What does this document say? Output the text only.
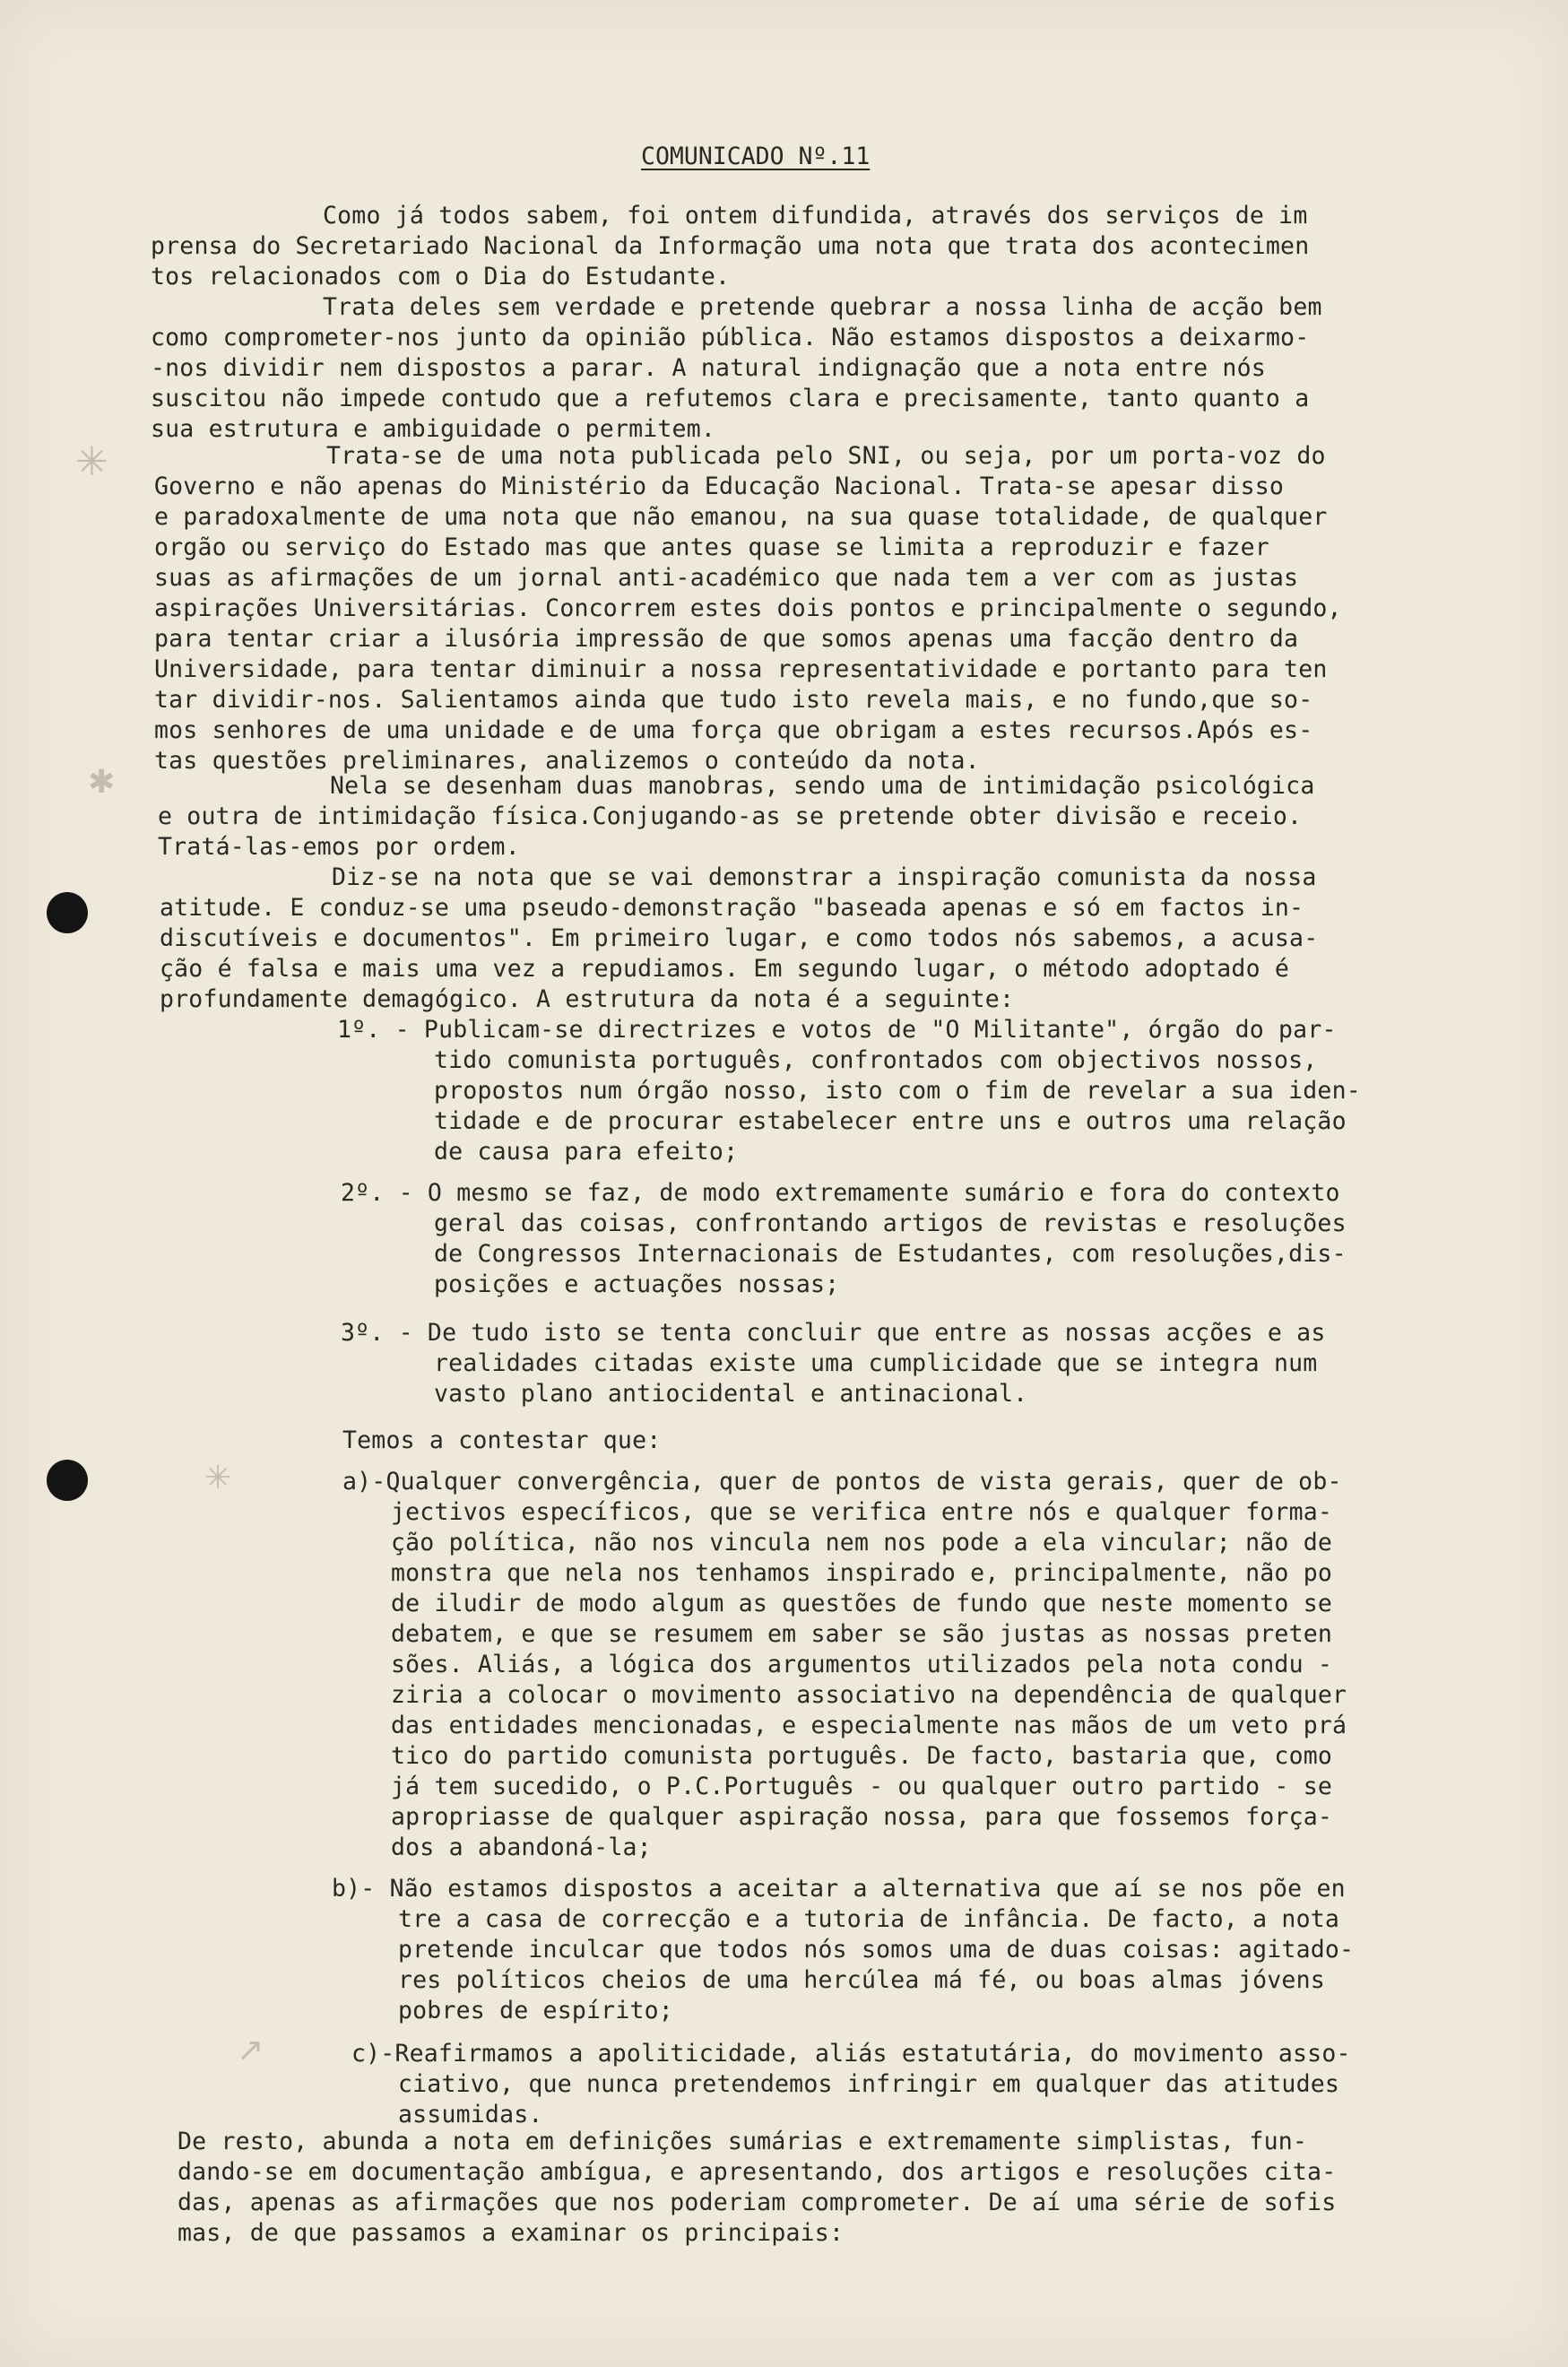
✳
✱
✳
↗
COMUNICADO Nº.11
Como já todos sabem, foi ontem difundida, através dos serviços de im
prensa do Secretariado Nacional da Informação uma nota que trata dos acontecimen
tos relacionados com o Dia do Estudante.
Trata deles sem verdade e pretende quebrar a nossa linha de acção bem
como comprometer-nos junto da opinião pública. Não estamos dispostos a deixarmo-
-nos dividir nem dispostos a parar. A natural indignação que a nota entre nós
suscitou não impede contudo que a refutemos clara e precisamente, tanto quanto a
sua estrutura e ambiguidade o permitem.
Trata-se de uma nota publicada pelo SNI, ou seja, por um porta-voz do
Governo e não apenas do Ministério da Educação Nacional. Trata-se apesar disso
e paradoxalmente de uma nota que não emanou, na sua quase totalidade, de qualquer
orgão ou serviço do Estado mas que antes quase se limita a reproduzir e fazer
suas as afirmações de um jornal anti-académico que nada tem a ver com as justas
aspirações Universitárias. Concorrem estes dois pontos e principalmente o segundo,
para tentar criar a ilusória impressão de que somos apenas uma facção dentro da
Universidade, para tentar diminuir a nossa representatividade e portanto para ten
tar dividir-nos. Salientamos ainda que tudo isto revela mais, e no fundo,que so-
mos senhores de uma unidade e de uma força que obrigam a estes recursos.Após es-
tas questões preliminares, analizemos o conteúdo da nota.
Nela se desenham duas manobras, sendo uma de intimidação psicológica
e outra de intimidação física.Conjugando-as se pretende obter divisão e receio.
Tratá-las-emos por ordem.
Diz-se na nota que se vai demonstrar a inspiração comunista da nossa
atitude. E conduz-se uma pseudo-demonstração "baseada apenas e só em factos in-
discutíveis e documentos". Em primeiro lugar, e como todos nós sabemos, a acusa-
ção é falsa e mais uma vez a repudiamos. Em segundo lugar, o método adoptado é
profundamente demagógico. A estrutura da nota é a seguinte:
1º. - Publicam-se directrizes e votos de "O Militante", órgão do par-
tido comunista português, confrontados com objectivos nossos,
propostos num órgão nosso, isto com o fim de revelar a sua iden-
tidade e de procurar estabelecer entre uns e outros uma relação
de causa para efeito;
2º. - O mesmo se faz, de modo extremamente sumário e fora do contexto
geral das coisas, confrontando artigos de revistas e resoluções
de Congressos Internacionais de Estudantes, com resoluções,dis-
posições e actuações nossas;
3º. - De tudo isto se tenta concluir que entre as nossas acções e as
realidades citadas existe uma cumplicidade que se integra num
vasto plano antiocidental e antinacional.
Temos a contestar que:
a)-Qualquer convergência, quer de pontos de vista gerais, quer de ob-
jectivos específicos, que se verifica entre nós e qualquer forma-
ção política, não nos vincula nem nos pode a ela vincular; não de
monstra que nela nos tenhamos inspirado e, principalmente, não po
de iludir de modo algum as questões de fundo que neste momento se
debatem, e que se resumem em saber se são justas as nossas preten
sões. Aliás, a lógica dos argumentos utilizados pela nota condu -
ziria a colocar o movimento associativo na dependência de qualquer
das entidades mencionadas, e especialmente nas mãos de um veto prá
tico do partido comunista português. De facto, bastaria que, como
já tem sucedido, o P.C.Português - ou qualquer outro partido - se
apropriasse de qualquer aspiração nossa, para que fossemos força-
dos a abandoná-la;
b)- Não estamos dispostos a aceitar a alternativa que aí se nos põe en
tre a casa de correcção e a tutoria de infância. De facto, a nota
pretende inculcar que todos nós somos uma de duas coisas: agitado-
res políticos cheios de uma hercúlea má fé, ou boas almas jóvens
pobres de espírito;
c)-Reafirmamos a apoliticidade, aliás estatutária, do movimento asso-
ciativo, que nunca pretendemos infringir em qualquer das atitudes
assumidas.
De resto, abunda a nota em definições sumárias e extremamente simplistas, fun-
dando-se em documentação ambígua, e apresentando, dos artigos e resoluções cita-
das, apenas as afirmações que nos poderiam comprometer. De aí uma série de sofis
mas, de que passamos a examinar os principais:
